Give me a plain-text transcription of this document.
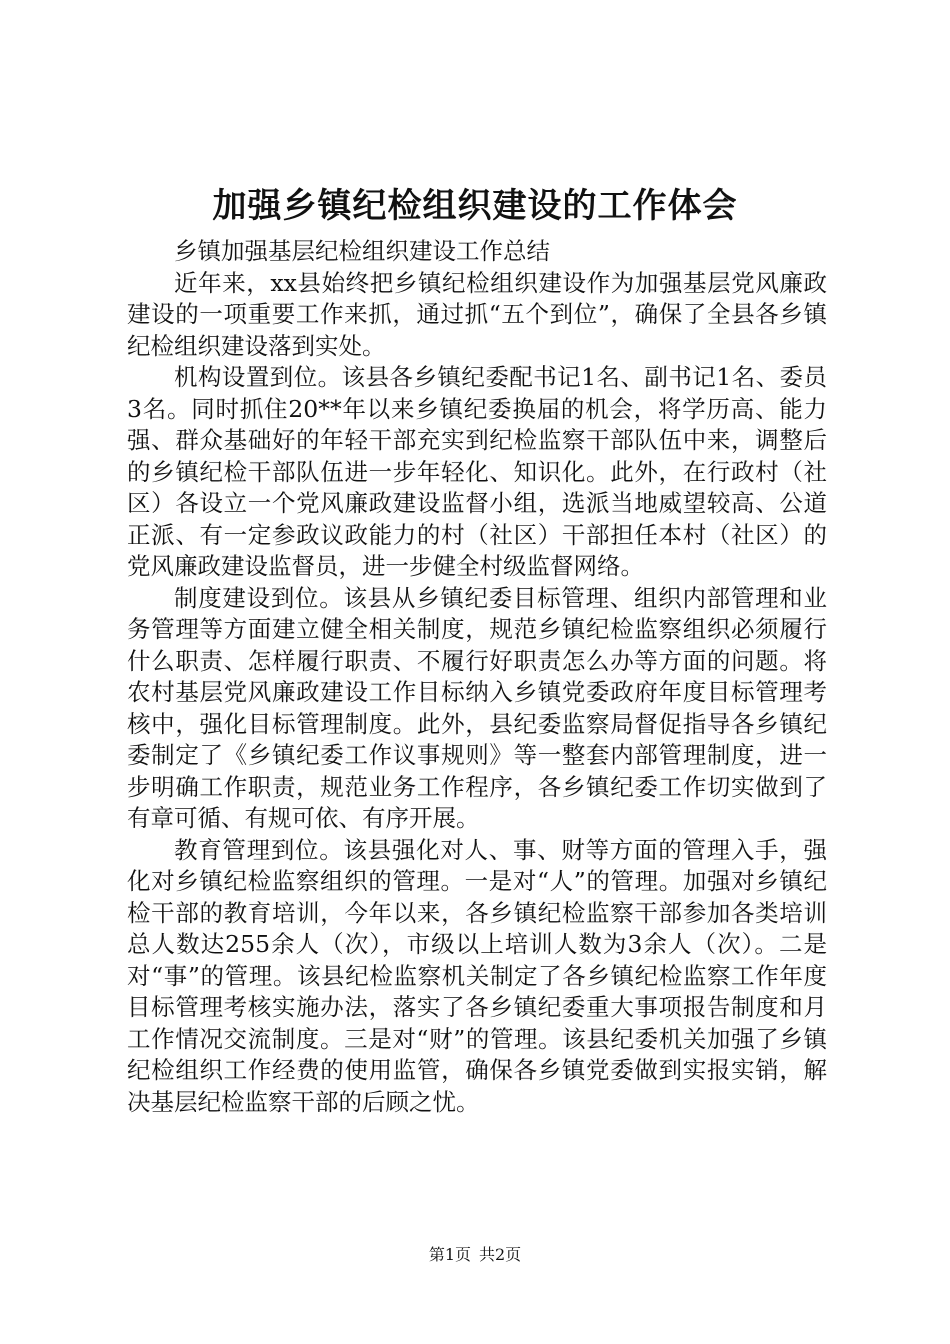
加强乡镇纪检组织建设的工作体会

乡镇加强基层纪检组织建设工作总结

近年来，xx县始终把乡镇纪检组织建设作为加强基层党风廉政建设的一项重要工作来抓，通过抓“五个到位”，确保了全县各乡镇纪检组织建设落到实处。

机构设置到位。该县各乡镇纪委配书记1名、副书记1名、委员3名。同时抓住20**年以来乡镇纪委换届的机会，将学历高、能力强、群众基础好的年轻干部充实到纪检监察干部队伍中来，调整后的乡镇纪检干部队伍进一步年轻化、知识化。此外，在行政村（社区）各设立一个党风廉政建设监督小组，选派当地威望较高、公道正派、有一定参政议政能力的村（社区）干部担任本村（社区）的党风廉政建设监督员，进一步健全村级监督网络。

制度建设到位。该县从乡镇纪委目标管理、组织内部管理和业务管理等方面建立健全相关制度，规范乡镇纪检监察组织必须履行什么职责、怎样履行职责、不履行好职责怎么办等方面的问题。将农村基层党风廉政建设工作目标纳入乡镇党委政府年度目标管理考核中，强化目标管理制度。此外，县纪委监察局督促指导各乡镇纪委制定了《乡镇纪委工作议事规则》等一整套内部管理制度，进一步明确工作职责，规范业务工作程序，各乡镇纪委工作切实做到了有章可循、有规可依、有序开展。

教育管理到位。该县强化对人、事、财等方面的管理入手，强化对乡镇纪检监察组织的管理。一是对“人”的管理。加强对乡镇纪检干部的教育培训，今年以来，各乡镇纪检监察干部参加各类培训总人数达255余人（次），市级以上培训人数为3余人（次）。二是对“事”的管理。该县纪检监察机关制定了各乡镇纪检监察工作年度目标管理考核实施办法，落实了各乡镇纪委重大事项报告制度和月工作情况交流制度。三是对“财”的管理。该县纪委机关加强了乡镇纪检组织工作经费的使用监管，确保各乡镇党委做到实报实销，解决基层纪检监察干部的后顾之忧。

第1页 共2页
